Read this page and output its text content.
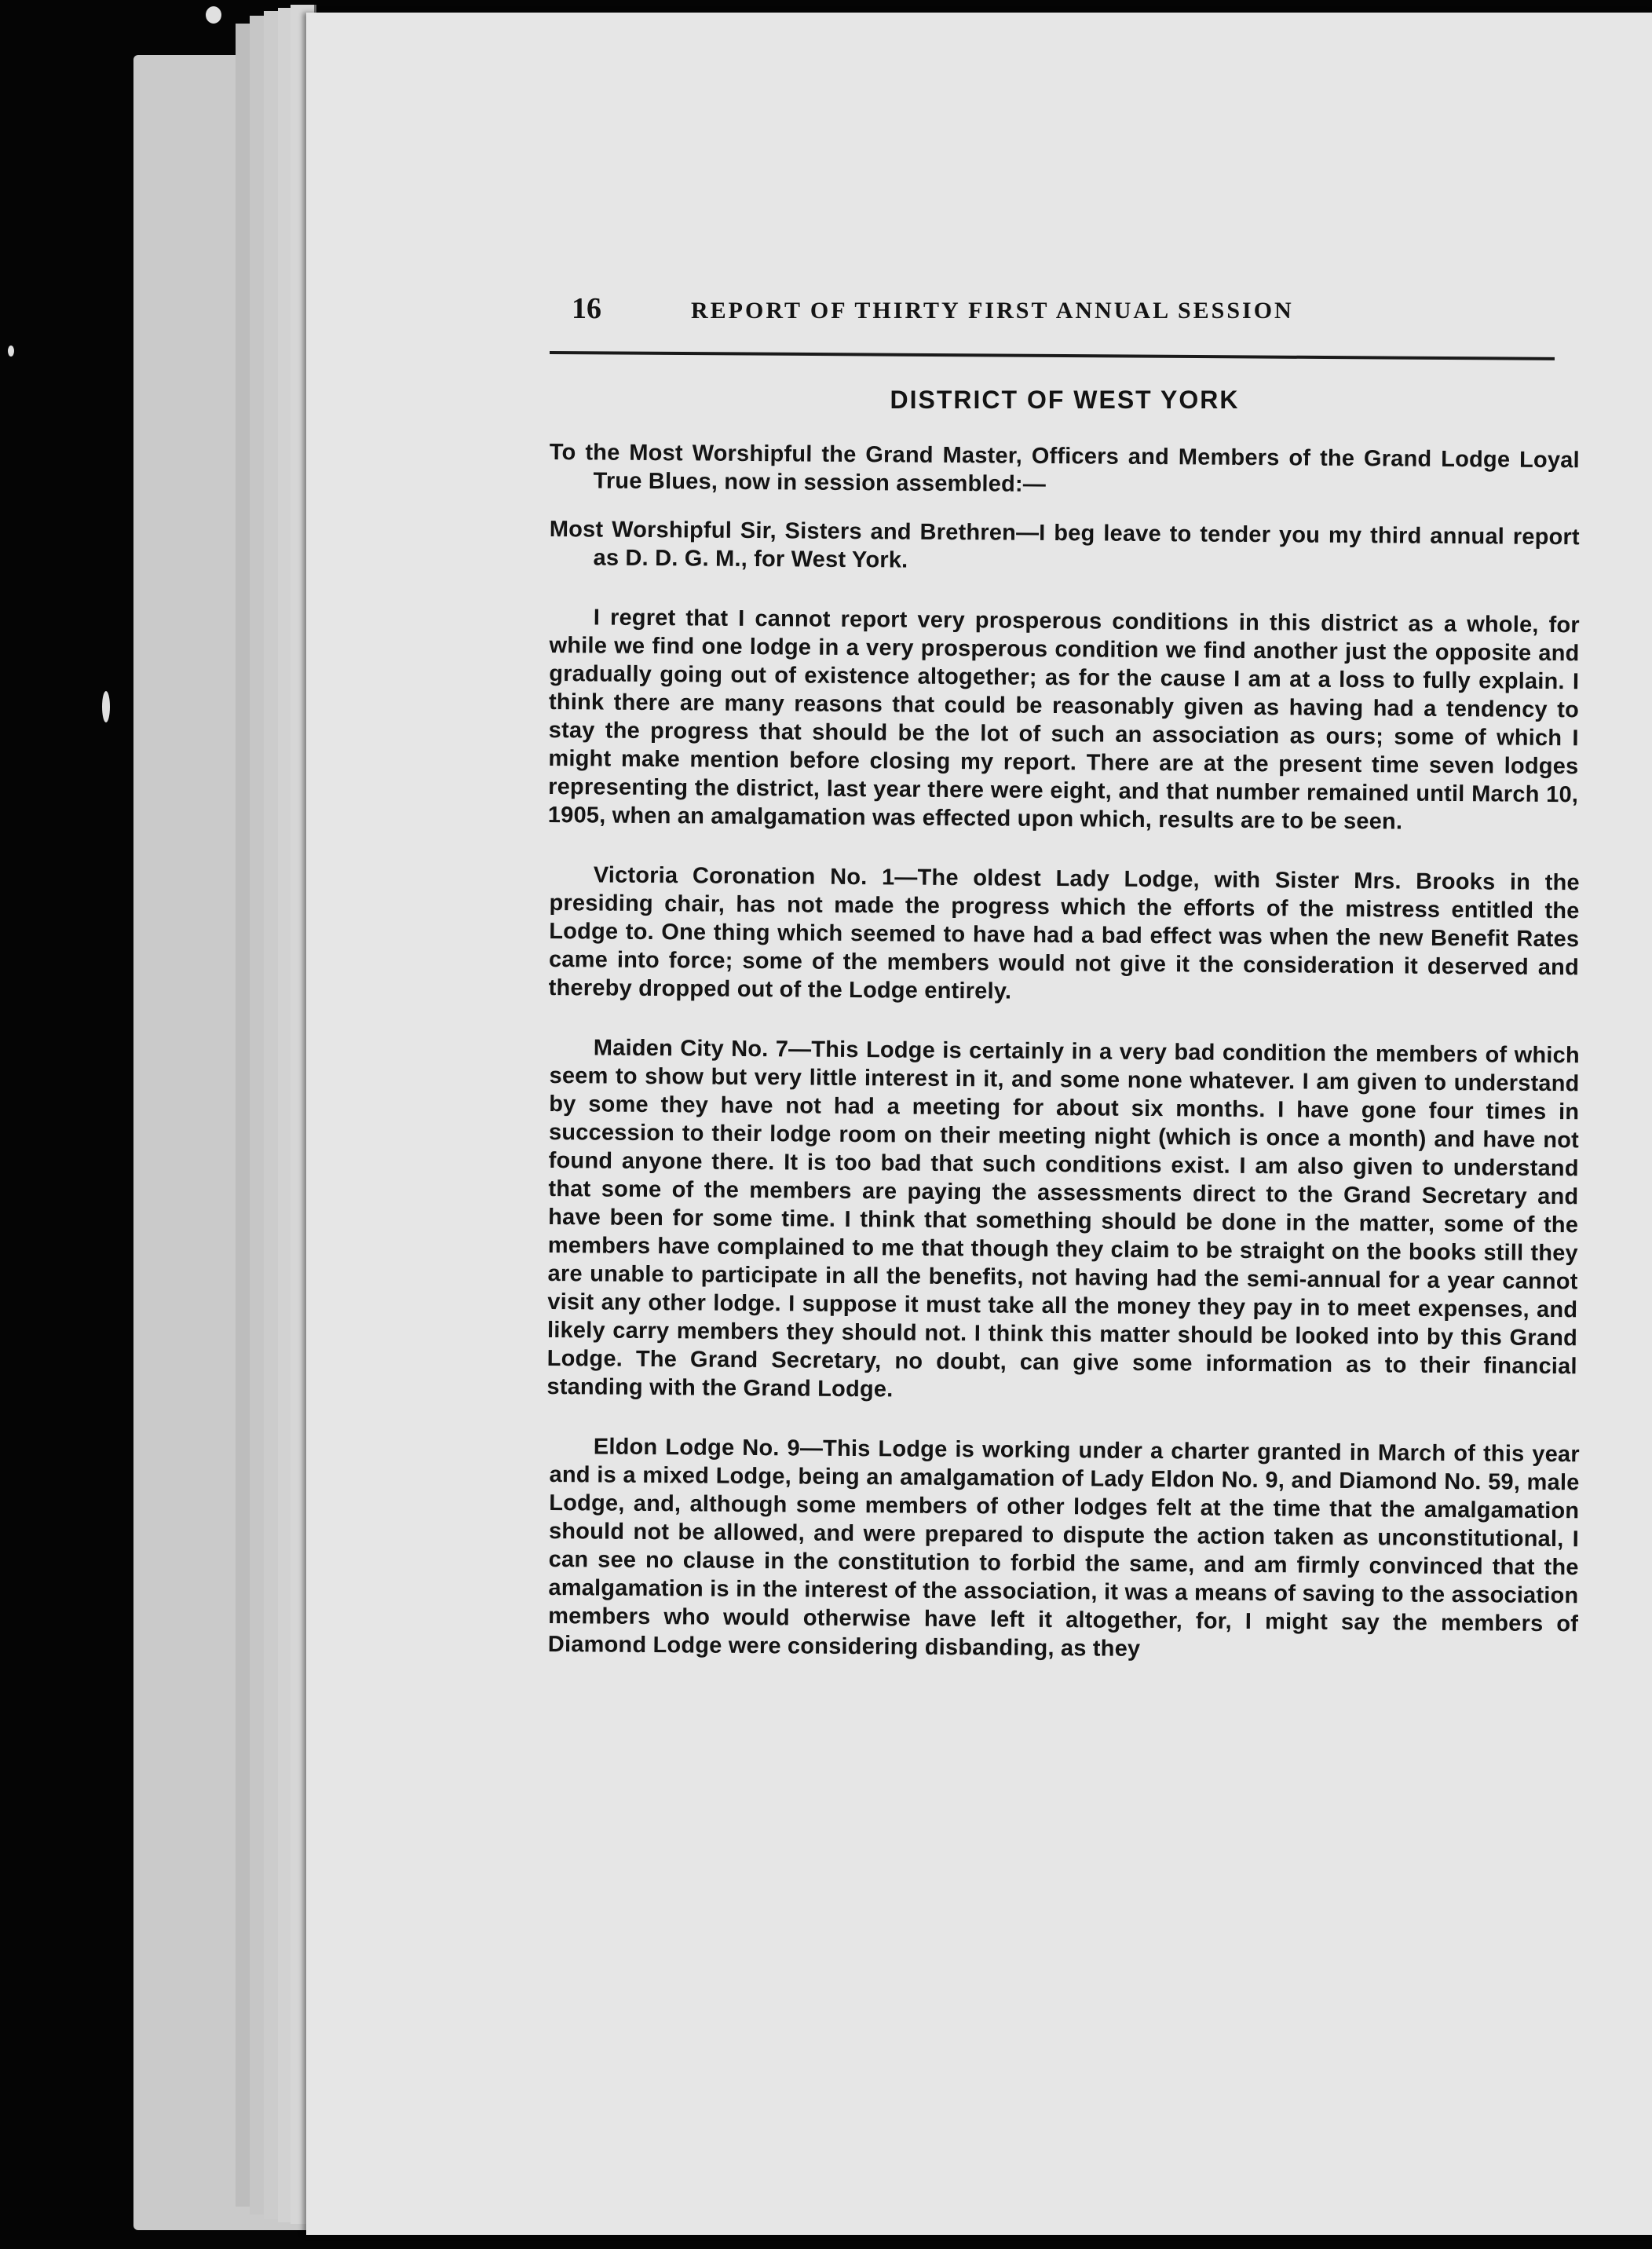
16	REPORT OF THIRTY FIRST ANNUAL SESSION
DISTRICT OF WEST YORK

To the Most Worshipful the Grand Master, Officers and Members of the Grand Lodge Loyal True Blues, now in session assembled:—

Most Worshipful Sir, Sisters and Brethren—I beg leave to tender you my third annual report as D. D. G. M., for West York.

I regret that I cannot report very prosperous conditions in this district as a whole, for while we find one lodge in a very prosperous condition we find another just the opposite and gradually going out of existence altogether; as for the cause I am at a loss to fully explain. I think there are many reasons that could be reasonably given as having had a tendency to stay the progress that should be the lot of such an association as ours; some of which I might make mention before closing my report. There are at the present time seven lodges representing the district, last year there were eight, and that number remained until March 10, 1905, when an amalgamation was effected upon which, results are to be seen.

Victoria Coronation No. 1—The oldest Lady Lodge, with Sister Mrs. Brooks in the presiding chair, has not made the progress which the efforts of the mistress entitled the Lodge to. One thing which seemed to have had a bad effect was when the new Benefit Rates came into force; some of the members would not give it the consideration it deserved and thereby dropped out of the Lodge entirely.

Maiden City No. 7—This Lodge is certainly in a very bad condition the members of which seem to show but very little interest in it, and some none whatever. I am given to understand by some they have not had a meeting for about six months. I have gone four times in succession to their lodge room on their meeting night (which is once a month) and have not found anyone there. It is too bad that such conditions exist. I am also given to understand that some of the members are paying the assessments direct to the Grand Secretary and have been for some time. I think that something should be done in the matter, some of the members have complained to me that though they claim to be straight on the books still they are unable to participate in all the benefits, not having had the semi-annual for a year cannot visit any other lodge. I suppose it must take all the money they pay in to meet expenses, and likely carry members they should not. I think this matter should be looked into by this Grand Lodge. The Grand Secretary, no doubt, can give some information as to their financial standing with the Grand Lodge.

Eldon Lodge No. 9—This Lodge is working under a charter granted in March of this year and is a mixed Lodge, being an amalgamation of Lady Eldon No. 9, and Diamond No. 59, male Lodge, and, although some members of other lodges felt at the time that the amalgamation should not be allowed, and were prepared to dispute the action taken as unconstitutional, I can see no clause in the constitution to forbid the same, and am firmly convinced that the amalgamation is in the interest of the association, it was a means of saving to the association members who would otherwise have left it altogether, for, I might say the members of Diamond Lodge were considering disbanding, as they
